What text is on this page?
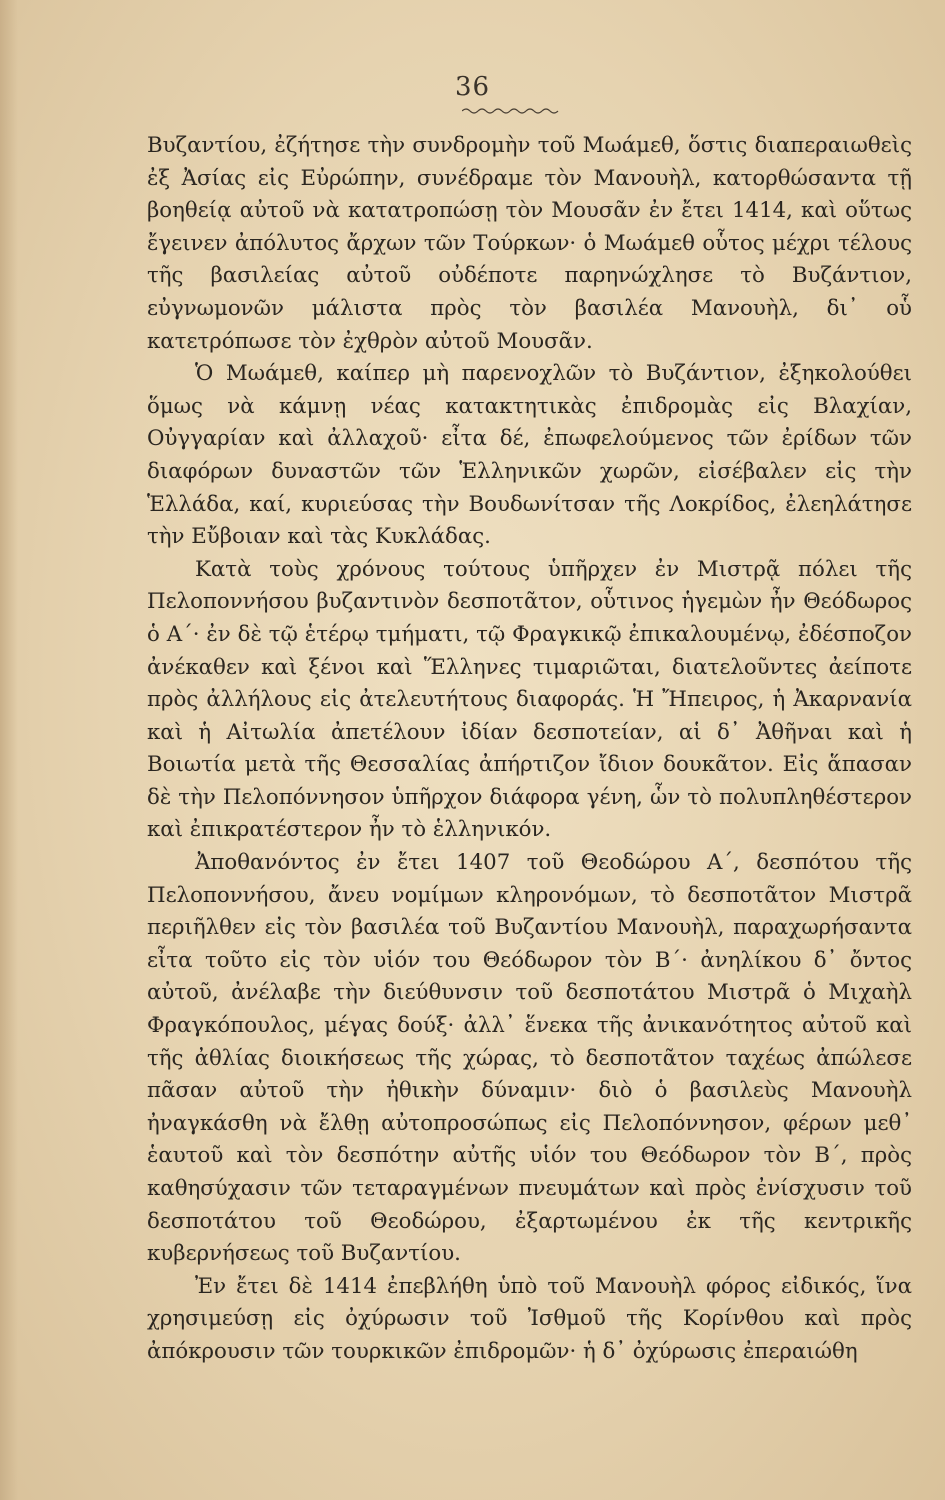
36

Βυζαντίου, ἐζήτησε τὴν συνδρομὴν τοῦ Μωάμεθ, ὅστις διαπεραιωθεὶς ἐξ Ἀσίας εἰς Εὐρώπην, συνέδραμε τὸν Μανουὴλ, κατορθώσαντα τῇ βοηθείᾳ αὐτοῦ νὰ κατατροπώσῃ τὸν Μουσᾶν ἐν ἔτει 1414, καὶ οὕτως ἔγεινεν ἀπόλυτος ἄρχων τῶν Τούρκων· ὁ Μωάμεθ οὗτος μέχρι τέλους τῆς βασιλείας αὐτοῦ οὐδέποτε παρηνώχλησε τὸ Βυζάντιον, εὐγνωμονῶν μάλιστα πρὸς τὸν βασιλέα Μανουὴλ, δι᾽ οὗ κατετρόπωσε τὸν ἐχθρὸν αὐτοῦ Μουσᾶν.

Ὁ Μωάμεθ, καίπερ μὴ παρενοχλῶν τὸ Βυζάντιον, ἐξηκολούθει ὅμως νὰ κάμνῃ νέας κατακτητικὰς ἐπιδρομὰς εἰς Βλαχίαν, Οὐγγαρίαν καὶ ἀλλαχοῦ· εἶτα δέ, ἐπωφελούμενος τῶν ἐρίδων τῶν διαφόρων δυναστῶν τῶν Ἑλληνικῶν χωρῶν, εἰσέβαλεν εἰς τὴν Ἑλλάδα, καί, κυριεύσας τὴν Βουδωνίτσαν τῆς Λοκρίδος, ἐλεηλάτησε τὴν Εὔβοιαν καὶ τὰς Κυκλάδας.

Κατὰ τοὺς χρόνους τούτους ὑπῆρχεν ἐν Μιστρᾷ πόλει τῆς Πελοποννήσου βυζαντινὸν δεσποτᾶτον, οὗτινος ἡγεμὼν ἦν Θεόδωρος ὁ Α΄· ἐν δὲ τῷ ἑτέρῳ τμήματι, τῷ Φραγκικῷ ἐπικαλουμένῳ, ἐδέσποζον ἀνέκαθεν καὶ ξένοι καὶ Ἕλληνες τιμαριῶται, διατελοῦντες ἀείποτε πρὸς ἀλλήλους εἰς ἀτελευτήτους διαφοράς. Ἡ Ἤπειρος, ἡ Ἀκαρνανία καὶ ἡ Αἰτωλία ἀπετέλουν ἰδίαν δεσποτείαν, αἱ δ᾽ Ἀθῆναι καὶ ἡ Βοιωτία μετὰ τῆς Θεσσαλίας ἀπήρτιζον ἴδιον δουκᾶτον. Εἰς ἅπασαν δὲ τὴν Πελοπόννησον ὑπῆρχον διάφορα γένη, ὧν τὸ πολυπληθέστερον καὶ ἐπικρατέστερον ἦν τὸ ἑλληνικόν.

Ἀποθανόντος ἐν ἔτει 1407 τοῦ Θεοδώρου Α΄, δεσπότου τῆς Πελοποννήσου, ἄνευ νομίμων κληρονόμων, τὸ δεσποτᾶτον Μιστρᾶ περιῆλθεν εἰς τὸν βασιλέα τοῦ Βυζαντίου Μανουὴλ, παραχωρήσαντα εἶτα τοῦτο εἰς τὸν υἱόν του Θεόδωρον τὸν Β΄· ἀνηλίκου δ᾽ ὄντος αὐτοῦ, ἀνέλαβε τὴν διεύθυνσιν τοῦ δεσποτάτου Μιστρᾶ ὁ Μιχαὴλ Φραγκόπουλος, μέγας δούξ· ἀλλ᾽ ἕνεκα τῆς ἀνικανότητος αὐτοῦ καὶ τῆς ἀθλίας διοικήσεως τῆς χώρας, τὸ δεσποτᾶτον ταχέως ἀπώλεσε πᾶσαν αὐτοῦ τὴν ἠθικὴν δύναμιν· διὸ ὁ βασιλεὺς Μανουὴλ ἠναγκάσθη νὰ ἔλθῃ αὐτοπροσώπως εἰς Πελοπόννησον, φέρων μεθ᾽ ἑαυτοῦ καὶ τὸν δεσπότην αὐτῆς υἱόν του Θεόδωρον τὸν Β΄, πρὸς καθησύχασιν τῶν τεταραγμένων πνευμάτων καὶ πρὸς ἐνίσχυσιν τοῦ δεσποτάτου τοῦ Θεοδώρου, ἐξαρτωμένου ἐκ τῆς κεντρικῆς κυβερνήσεως τοῦ Βυζαντίου.

Ἐν ἔτει δὲ 1414 ἐπεβλήθη ὑπὸ τοῦ Μανουὴλ φόρος εἰδικός, ἵνα χρησιμεύσῃ εἰς ὀχύρωσιν τοῦ Ἰσθμοῦ τῆς Κορίνθου καὶ πρὸς ἀπόκρουσιν τῶν τουρκικῶν ἐπιδρομῶν· ἡ δ᾽ ὀχύρωσις ἐπεραιώθη
